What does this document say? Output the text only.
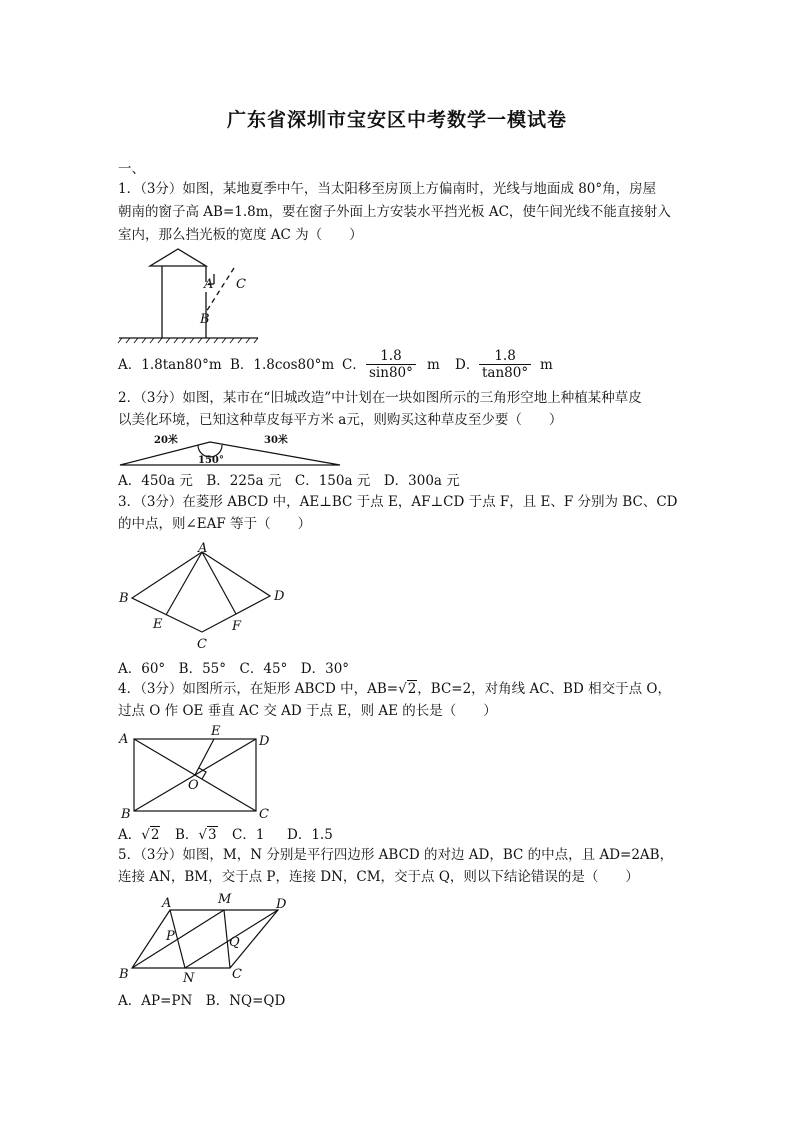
广东省深圳市宝安区中考数学一模试卷
一、
1．（3分）如图，某地夏季中午，当太阳移至房顶上方偏南时，光线与地面成 80°角，房屋
朝南的窗子高 AB=1.8m，要在窗子外面上方安装水平挡光板 AC，使午间光线不能直接射入
室内，那么挡光板的宽度 AC 为（　　）
A C
B
A．1.8tan80°m B．1.8cos80°m C． $\frac{1.8}{\sin 80^\circ}$ m D． $\frac{1.8}{\tan 80^\circ}$ m
2．（3分）如图，某市在“旧城改造”中计划在一块如图所示的三角形空地上种植某种草皮
以美化环境，已知这种草皮每平方米 a元，则购买这种草皮至少要（　　）
20米	30米
150°
A．450a 元　B．225a 元　C．150a 元　D．300a 元
3．（3分）在菱形 ABCD 中，AE⊥BC 于点 E，AF⊥CD 于点 F，且 E、F 分别为 BC、CD
的中点，则∠EAF 等于（　　）
A
B	D
E	F
C
A．60°　B．55°　C．45°　D．30°
4．（3分）如图所示，在矩形 ABCD 中，AB=√2，BC=2，对角线 AC、BD 相交于点 O，
过点 O 作 OE 垂直 AC 交 AD 于点 E，则 AE 的长是（　　）
A
E
D
O
B	C
A．√2 B．√3 C．1 D．1.5
5．（3分）如图，M，N 分别是平行四边形 ABCD 的对边 AD，BC 的中点，且 AD=2AB，
连接 AN，BM，交于点 P，连接 DN，CM，交于点 Q，则以下结论错误的是（　　）
A	M	D
P	Q
B	N	C
A．AP=PN　B．NQ=QD
